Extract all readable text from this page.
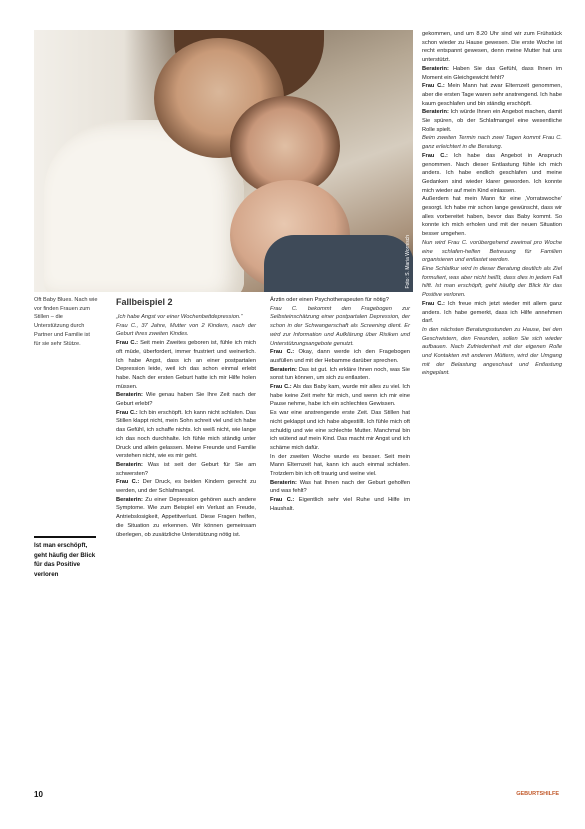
Foto: S. Maria Wornisch
Oft Baby Blues. Nach wie vor finden Frauen zum Stillen – die Unterstützung durch Partner und Familie ist für sie sehr Stütze.
Ist man erschöpft, geht häufig der Blick für das Positive verloren
Fallbeispiel 2

„Ich habe Angst vor einer Wochenbettdepression.“

Frau C., 37 Jahre, Mutter von 2 Kindern, nach der Geburt ihres zweiten Kindes.

Frau C.: Seit mein Zweites geboren ist, fühle ich mich oft müde, überfordert, immer frustriert und weinerlich. Ich habe Angst, dass ich an einer postpartalen Depression leide, weil ich das schon einmal erlebt habe. Nach der ersten Geburt hatte ich mir Hilfe holen müssen.

Beraterin: Wie genau haben Sie Ihre Zeit nach der Geburt erlebt?

Frau C.: Ich bin erschöpft. Ich kann nicht schlafen. Das Stillen klappt nicht, mein Sohn schreit viel und ich habe das Gefühl, ich schaffe nichts. Ich weiß nicht, wie lange ich das noch durchhalte. Ich fühle mich ständig unter Druck und allein gelassen. Meine Freunde und Familie verstehen nicht, wie es mir geht.

Beraterin: Was ist seit der Geburt für Sie am schwersten?

Frau C.: Der Druck, es beiden Kindern gerecht zu werden, und der Schlafmangel.

Beraterin: Zu einer Depression gehören auch andere Symptome. Wie zum Beispiel ein Verlust an Freude, Antriebslosigkeit, Appetitverlust. Diese Fragen helfen, die Situation zu erkennen. Wir können gemeinsam überlegen, ob zusätzliche Unterstützung nötig ist.

Ärztin oder einen Psychotherapeuten für nötig?

Frau C. bekommt den Fragebogen zur Selbsteinschätzung einer postpartalen Depression, der schon in der Schwangerschaft als Screening dient. Er wird zur Information und Aufklärung über Risiken und Unterstützungsangebote genutzt.

Frau C.: Okay, dann werde ich den Fragebogen ausfüllen und mit der Hebamme darüber sprechen.

Beraterin: Das ist gut. Ich erkläre Ihnen noch, was Sie sonst tun können, um sich zu entlasten.

Frau C.: Als das Baby kam, wurde mir alles zu viel. Ich habe keine Zeit mehr für mich, und wenn ich mir eine Pause nehme, habe ich ein schlechtes Gewissen.

Es war eine anstrengende erste Zeit. Das Stillen hat nicht geklappt und ich habe abgestillt. Ich fühle mich oft schuldig und wie eine schlechte Mutter. Manchmal bin ich wütend auf mein Kind. Das macht mir Angst und ich schäme mich dafür.

In der zweiten Woche wurde es besser. Seit mein Mann Elternzeit hat, kann ich auch einmal schlafen. Trotzdem bin ich oft traurig und weine viel.

Beraterin: Was hat Ihnen nach der Geburt geholfen und was fehlt?

Frau C.: Eigentlich sehr viel Ruhe und Hilfe im Haushalt.

gekommen, und um 8.20 Uhr sind wir zum Frühstück schon wieder zu Hause gewesen. Die erste Woche ist recht entspannt gewesen, denn meine Mutter hat uns unterstützt.

Beraterin: Haben Sie das Gefühl, dass Ihnen im Moment ein Gleichgewicht fehlt?

Frau C.: Mein Mann hat zwar Elternzeit genommen, aber die ersten Tage waren sehr anstrengend. Ich habe kaum geschlafen und bin ständig erschöpft.

Beraterin: Ich würde Ihnen ein Angebot machen, damit Sie spüren, ob der Schlafmangel eine wesentliche Rolle spielt.

Beim zweiten Termin nach zwei Tagen kommt Frau C. ganz erleichtert in die Beratung.

Frau C.: Ich habe das Angebot in Anspruch genommen. Nach dieser Entlastung fühle ich mich anders. Ich habe endlich geschlafen und meine Gedanken sind wieder klarer geworden. Ich konnte mich wieder auf mein Kind einlassen.

Außerdem hat mein Mann für eine ‚Vorratswoche‘ gesorgt. Ich habe mir schon lange gewünscht, dass wir alles vorbereitet haben, bevor das Baby kommt. So konnte ich mich erholen und mit der neuen Situation besser umgehen.

Nun wird Frau C. vorübergehend zweimal pro Woche eine schlafen-helfen Betreuung für Familien organisieren und entlastet werden.

Eine Schlafkur wird in dieser Beratung deutlich als Ziel formuliert, was aber nicht heißt, dass dies in jedem Fall hilft. Ist man erschöpft, geht häufig der Blick für das Positive verloren.

Frau C.: Ich freue mich jetzt wieder mit allem ganz anders. Ich habe gemerkt, dass ich Hilfe annehmen darf.

In den nächsten Beratungsstunden zu Hause, bei den Geschwistern, den Freunden, sollen Sie sich wieder aufbauen. Nach Zufriedenheit mit der eigenen Rolle und Kontakten mit anderen Müttern, wird der Umgang mit der Belastung angeschaut und Entlastung eingeplant.

10	GEBURTSHILFE
